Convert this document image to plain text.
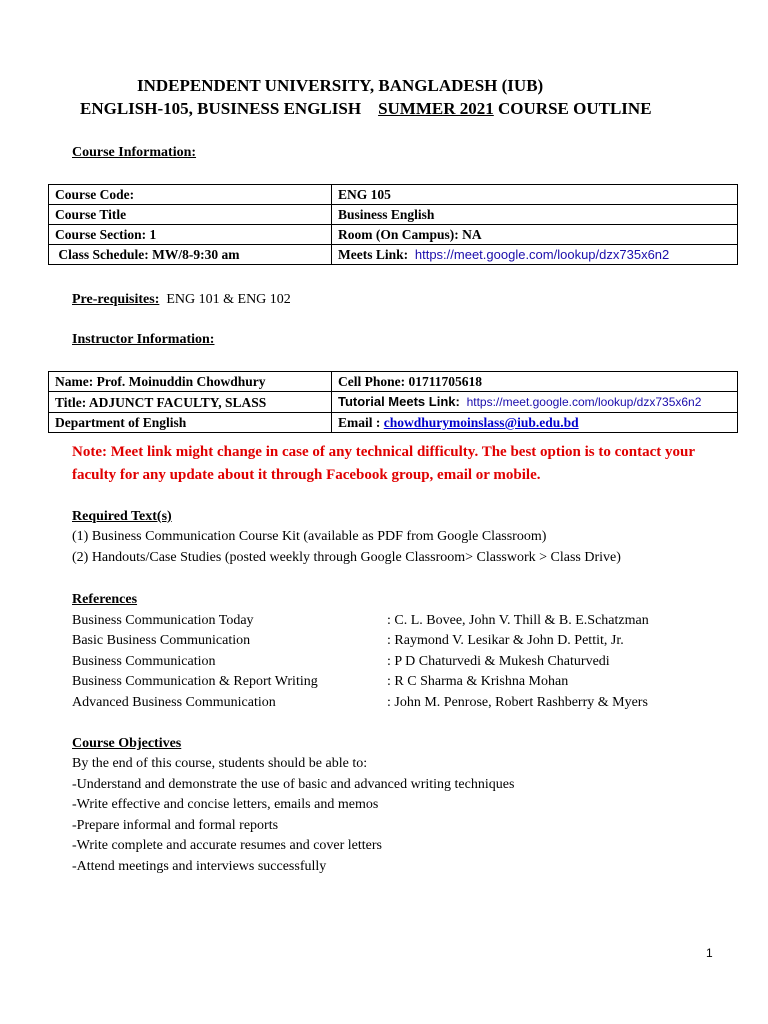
INDEPENDENT UNIVERSITY, BANGLADESH (IUB)
ENGLISH-105, BUSINESS ENGLISH SUMMER 2021 COURSE OUTLINE
Course Information:
Course Code:	ENG 105
Course Title	Business English
Course Section: 1	Room (On Campus): NA
Class Schedule: MW/8-9:30 am	Meets Link: https://meet.google.com/lookup/dzx735x6n2
Pre-requisites: ENG 101 & ENG 102
Instructor Information:
Name: Prof. Moinuddin Chowdhury	Cell Phone: 01711705618
Title: ADJUNCT FACULTY, SLASS	Tutorial Meets Link: https://meet.google.com/lookup/dzx735x6n2
Department of English	Email : chowdhurymoinslass@iub.edu.bd
Note: Meet link might change in case of any technical difficulty. The best option is to contact your faculty for any update about it through Facebook group, email or mobile.
Required Text(s)
(1) Business Communication Course Kit (available as PDF from Google Classroom)
(2) Handouts/Case Studies (posted weekly through Google Classroom> Classwork > Class Drive)
References
Business Communication Today	: C. L. Bovee, John V. Thill & B. E.Schatzman
Basic Business Communication	: Raymond V. Lesikar & John D. Pettit, Jr.
Business Communication	: P D Chaturvedi & Mukesh Chaturvedi
Business Communication & Report Writing	: R C Sharma & Krishna Mohan
Advanced Business Communication	: John M. Penrose, Robert Rashberry & Myers
Course Objectives
By the end of this course, students should be able to:
-Understand and demonstrate the use of basic and advanced writing techniques
-Write effective and concise letters, emails and memos
-Prepare informal and formal reports
-Write complete and accurate resumes and cover letters
-Attend meetings and interviews successfully
1
